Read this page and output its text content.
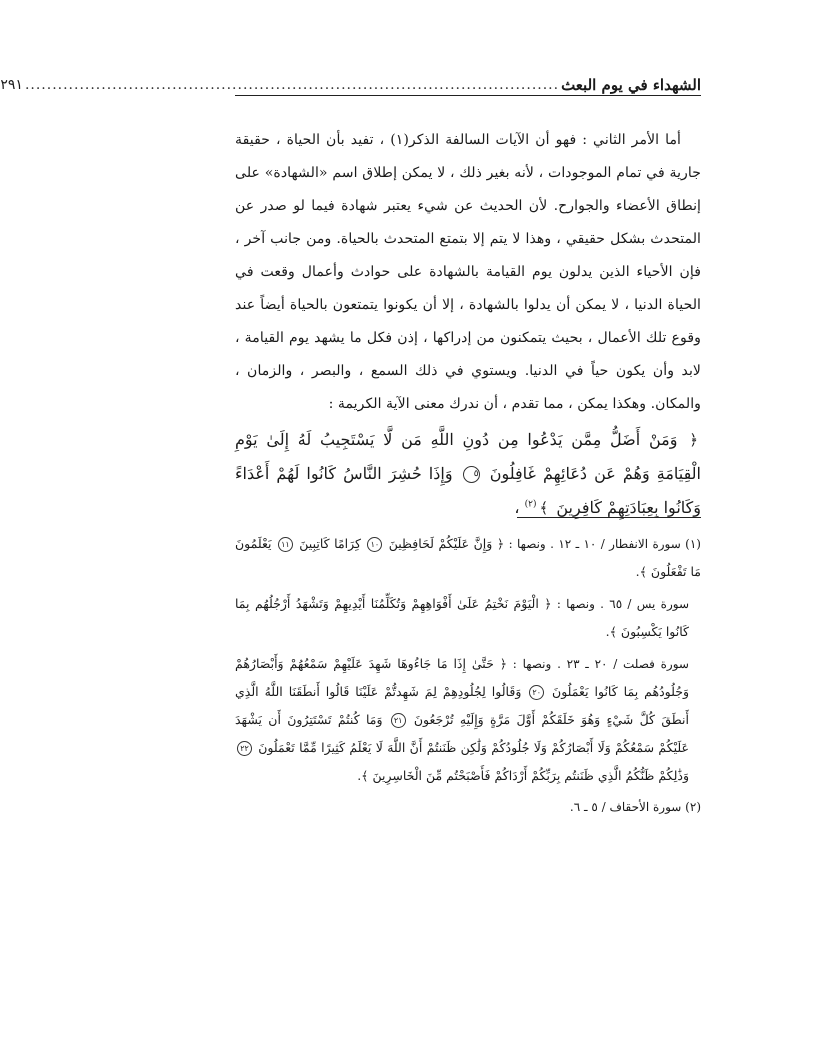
الشهداء في يوم البعث
..................................................................................................
٢٩١

أما الأمر الثاني : فهو أن الآيات السالفة الذكر(١) ، تفيد بأن الحياة ، حقيقة جارية في تمام الموجودات ، لأنه بغير ذلك ، لا يمكن إطلاق اسم «الشهادة» على إنطاق الأعضاء والجوارح. لأن الحديث عن شيء يعتبر شهادة فيما لو صدر عن المتحدث بشكل حقيقي ، وهذا لا يتم إلا بتمتع المتحدث بالحياة. ومن جانب آخر ، فإن الأحياء الذين يدلون يوم القيامة بالشهادة على حوادث وأعمال وقعت في الحياة الدنيا ، لا يمكن أن يدلوا بالشهادة ، إلا أن يكونوا يتمتعون بالحياة أيضاً عند وقوع تلك الأعمال ، بحيث يتمكنون من إدراكها ، إذن فكل ما يشهد يوم القيامة ، لابد وأن يكون حياً في الدنيا. ويستوي في ذلك السمع ، والبصر ، والزمان ، والمكان. وهكذا يمكن ، مما تقدم ، أن ندرك معنى الآية الكريمة :

﴿ وَمَنْ أَضَلُّ مِمَّن يَدْعُوا مِن دُونِ اللَّهِ مَن لَّا يَسْتَجِيبُ لَهُ إِلَىٰ يَوْمِ الْقِيَامَةِ وَهُمْ عَن دُعَائِهِمْ غَافِلُونَ ٥ وَإِذَا حُشِرَ النَّاسُ كَانُوا لَهُمْ أَعْدَاءً وَكَانُوا بِعِبَادَتِهِمْ كَافِرِينَ ﴾$^{(٢)}$ ،
(١) سورة الانفطار / ١٠ ـ ١٢ . ونصها : ﴿ وَإِنَّ عَلَيْكُمْ لَحَافِظِينَ ١٠ كِرَامًا كَاتِبِينَ ١١ يَعْلَمُونَ مَا تَفْعَلُونَ ﴾.
سورة يس / ٦٥ . ونصها : ﴿ الْيَوْمَ نَخْتِمُ عَلَىٰ أَفْوَاهِهِمْ وَتُكَلِّمُنَا أَيْدِيهِمْ وَتَشْهَدُ أَرْجُلُهُم بِمَا كَانُوا يَكْسِبُونَ ﴾.
سورة فصلت / ٢٠ ـ ٢٣ . ونصها : ﴿ حَتَّىٰ إِذَا مَا جَاءُوهَا شَهِدَ عَلَيْهِمْ سَمْعُهُمْ وَأَبْصَارُهُمْ وَجُلُودُهُم بِمَا كَانُوا يَعْمَلُونَ ٢٠ وَقَالُوا لِجُلُودِهِمْ لِمَ شَهِدتُّمْ عَلَيْنَا قَالُوا أَنطَقَنَا اللَّهُ الَّذِي أَنطَقَ كُلَّ شَيْءٍ وَهُوَ خَلَقَكُمْ أَوَّلَ مَرَّةٍ وَإِلَيْهِ تُرْجَعُونَ ٢١ وَمَا كُنتُمْ تَسْتَتِرُونَ أَن يَشْهَدَ عَلَيْكُمْ سَمْعُكُمْ وَلَا أَبْصَارُكُمْ وَلَا جُلُودُكُمْ وَلَٰكِن ظَنَنتُمْ أَنَّ اللَّهَ لَا يَعْلَمُ كَثِيرًا مِّمَّا تَعْمَلُونَ ٢٢ وَذَٰلِكُمْ ظَنُّكُمُ الَّذِي ظَنَنتُم بِرَبِّكُمْ أَرْدَاكُمْ فَأَصْبَحْتُم مِّنَ الْخَاسِرِينَ ﴾.
(٢) سورة الأحقاف / ٥ ـ ٦.
